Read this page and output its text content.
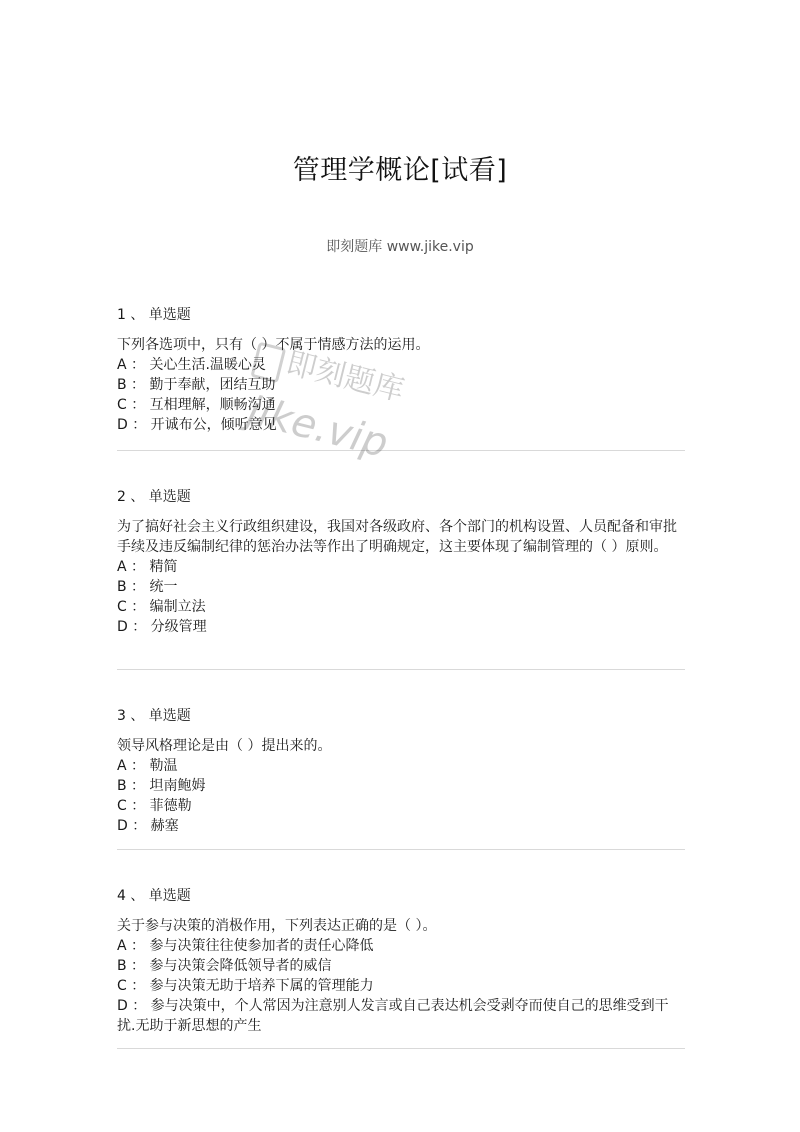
管理学概论[试看]
即刻题库 www.jike.vip
1 、 单选题

下列各选项中，只有（ ）不属于情感方法的运用。

A ： 关心生活.温暖心灵

B ： 勤于奉献，团结互助

C ： 互相理解，顺畅沟通

D ： 开诚布公，倾听意见

2 、 单选题

为了搞好社会主义行政组织建设，我国对各级政府、各个部门的机构设置、人员配备和审批手续及违反编制纪律的惩治办法等作出了明确规定，这主要体现了编制管理的（ ）原则。

A ： 精简

B ： 统一

C ： 编制立法

D ： 分级管理

3 、 单选题

领导风格理论是由（ ）提出来的。

A ： 勒温

B ： 坦南鲍姆

C ： 菲德勒

D ： 赫塞

4 、 单选题

关于参与决策的消极作用，下列表达正确的是（ ）。

A ： 参与决策往往使参加者的责任心降低

B ： 参与决策会降低领导者的威信

C ： 参与决策无助于培养下属的管理能力

D ： 参与决策中，个人常因为注意别人发言或自己表达机会受剥夺而使自己的思维受到干扰.无助于新思想的产生

即刻题库
jike.vip
